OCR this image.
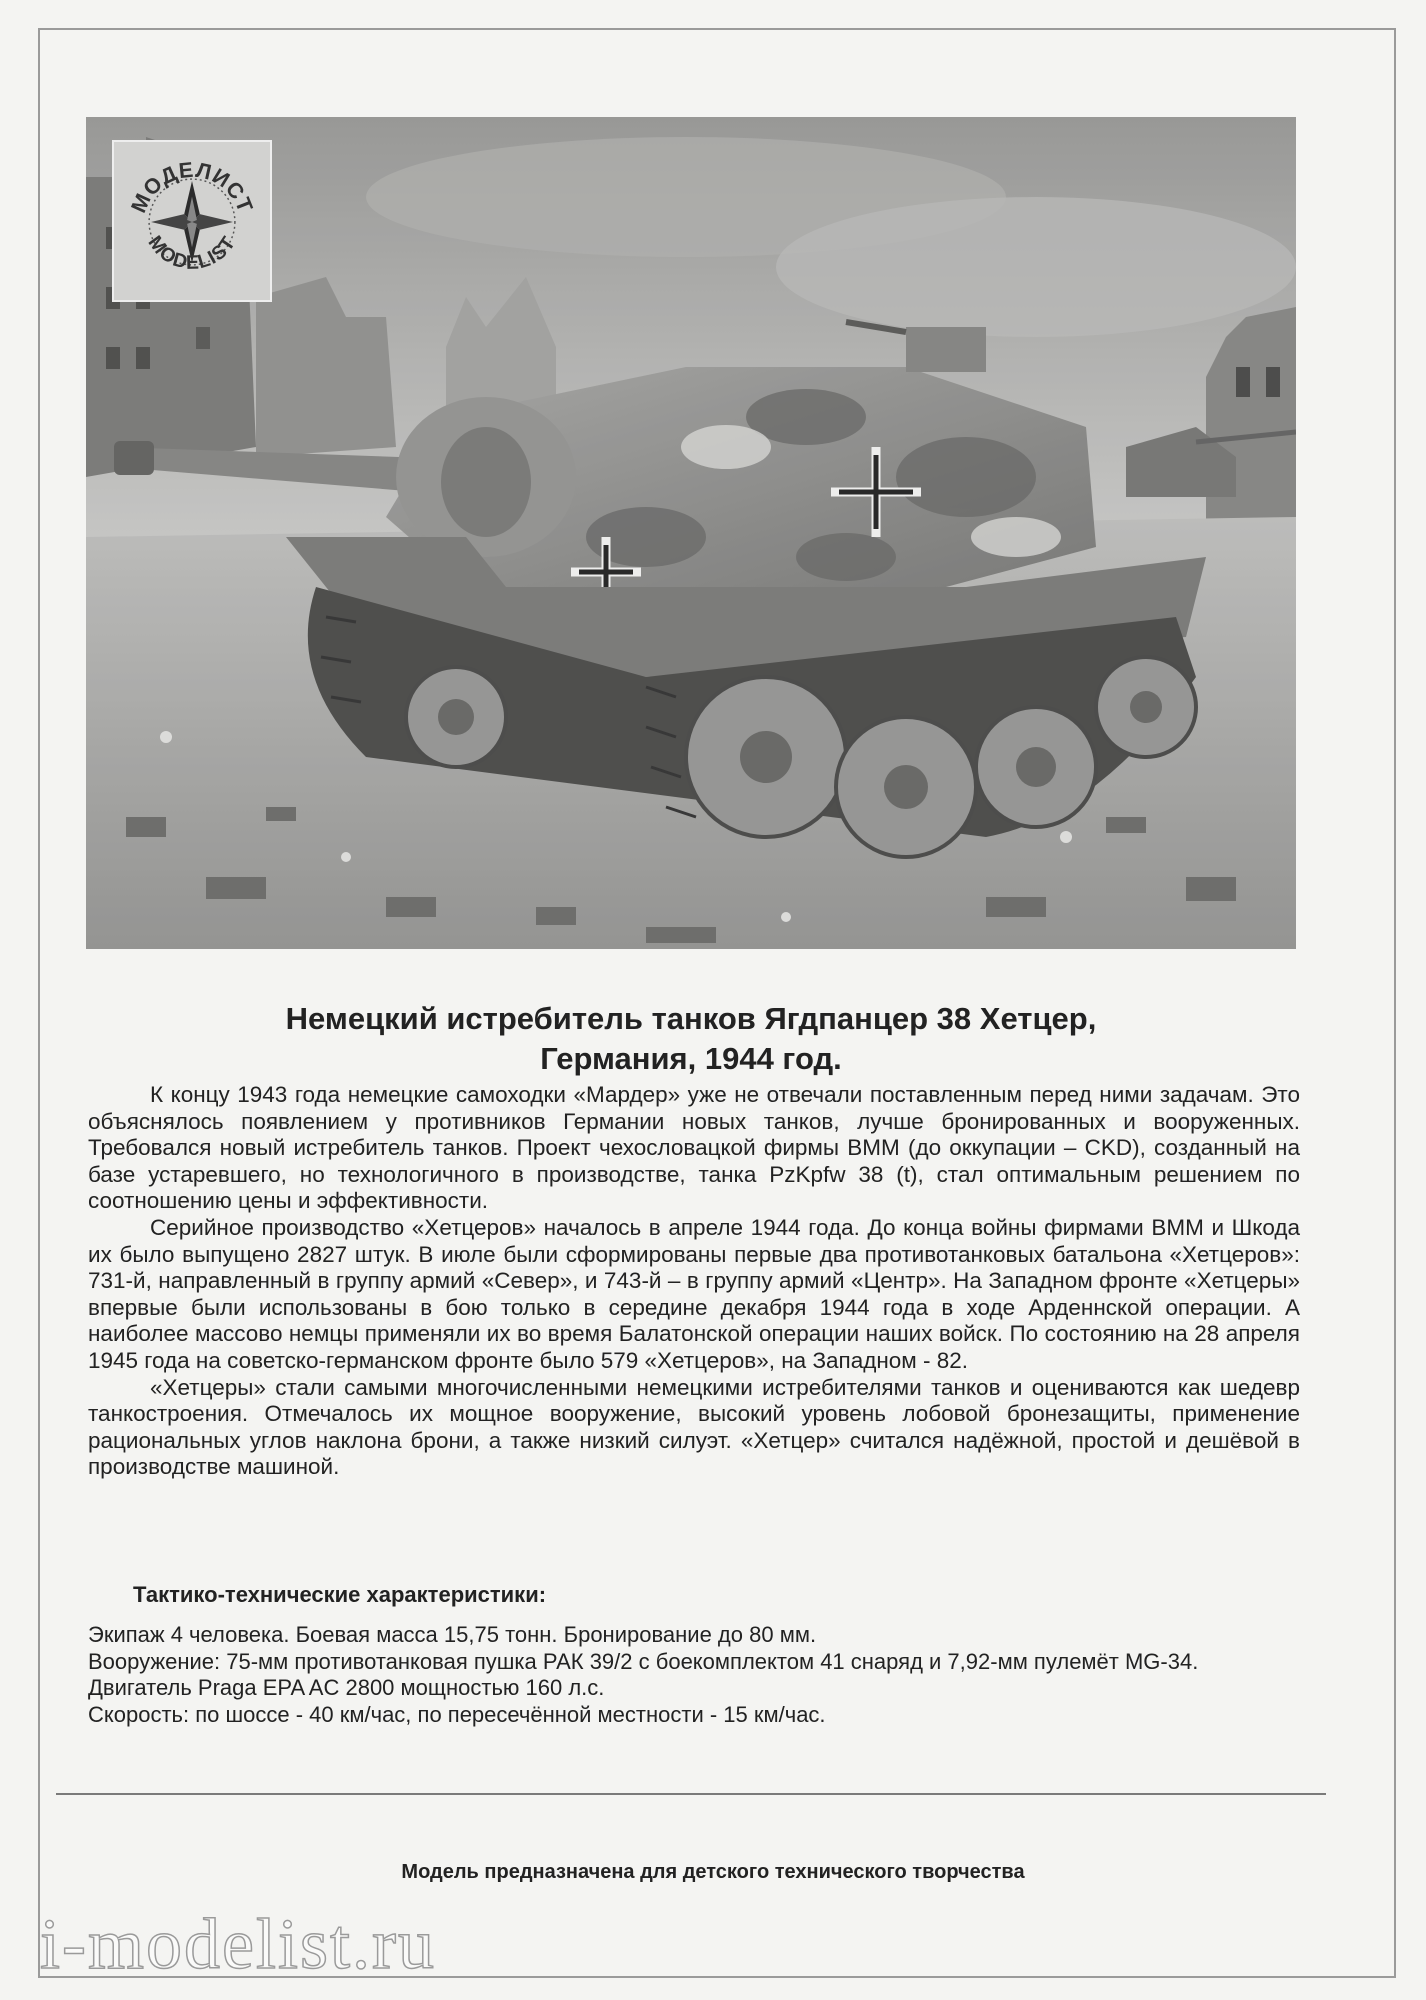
МОДЕЛИСТ
MODELIST
Немецкий истребитель танков Ягдпанцер 38 Хетцер,
Германия, 1944 год.

К концу 1943 года немецкие самоходки «Мардер» уже не отвечали поставленным перед ними задачам. Это объяснялось появлением у противников Германии новых танков, лучше бронированных и вооруженных. Требовался новый истребитель танков. Проект чехословацкой фирмы ВММ (до оккупации – CKD), созданный на базе устаревшего, но технологичного в производстве, танка PzKpfw 38 (t), стал оптимальным решением по соотношению цены и эффективности.

Серийное производство «Хетцеров» началось в апреле 1944 года. До конца войны фирмами ВММ и Шкода их было выпущено 2827 штук. В июле были сформированы первые два противотанковых батальона «Хетцеров»: 731-й, направленный в группу армий «Север», и 743-й – в группу армий «Центр». На Западном фронте «Хетцеры» впервые были использованы в бою только в середине декабря 1944 года в ходе Арденнской операции. А наиболее массово немцы применяли их во время Балатонской операции наших войск. По состоянию на 28 апреля 1945 года на советско-германском фронте было 579 «Хетцеров», на Западном - 82.

«Хетцеры» стали самыми многочисленными немецкими истребителями танков и оцениваются как шедевр танкостроения. Отмечалось их мощное вооружение, высокий уровень лобовой бронезащиты, применение рациональных углов наклона брони, а также низкий силуэт. «Хетцер» считался надёжной, простой и дешёвой в производстве машиной.

Тактико-технические характеристики:
Экипаж 4 человека. Боевая масса 15,75 тонн. Бронирование до 80 мм.
Вооружение: 75-мм противотанковая пушка РАК 39/2 с боекомплектом 41 снаряд и 7,92-мм пулемёт MG-34.
Двигатель Praga EPA AC 2800 мощностью 160 л.с.
Скорость: по шоссе - 40 км/час, по пересечённой местности - 15 км/час.
Модель предназначена для детского технического творчества
i-modelist.ru
